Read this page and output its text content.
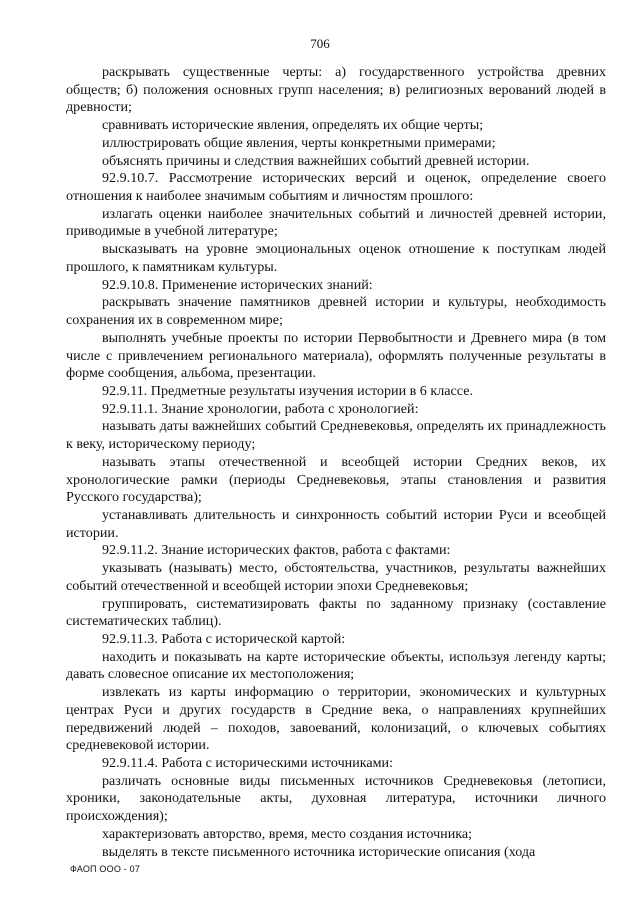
706

раскрывать существенные черты: а) государственного устройства древних обществ; б) положения основных групп населения; в) религиозных верований людей в древности;

сравнивать исторические явления, определять их общие черты;

иллюстрировать общие явления, черты конкретными примерами;

объяснять причины и следствия важнейших событий древней истории.

92.9.10.7. Рассмотрение исторических версий и оценок, определение своего отношения к наиболее значимым событиям и личностям прошлого:

излагать оценки наиболее значительных событий и личностей древней истории, приводимые в учебной литературе;

высказывать на уровне эмоциональных оценок отношение к поступкам людей прошлого, к памятникам культуры.

92.9.10.8. Применение исторических знаний:

раскрывать значение памятников древней истории и культуры, необходимость сохранения их в современном мире;

выполнять учебные проекты по истории Первобытности и Древнего мира (в том числе с привлечением регионального материала), оформлять полученные результаты в форме сообщения, альбома, презентации.

92.9.11. Предметные результаты изучения истории в 6 классе.

92.9.11.1. Знание хронологии, работа с хронологией:

называть даты важнейших событий Средневековья, определять их принадлежность к веку, историческому периоду;

называть этапы отечественной и всеобщей истории Средних веков, их хронологические рамки (периоды Средневековья, этапы становления и развития Русского государства);

устанавливать длительность и синхронность событий истории Руси и всеобщей истории.

92.9.11.2. Знание исторических фактов, работа с фактами:

указывать (называть) место, обстоятельства, участников, результаты важнейших событий отечественной и всеобщей истории эпохи Средневековья;

группировать, систематизировать факты по заданному признаку (составление систематических таблиц).

92.9.11.3. Работа с исторической картой:

находить и показывать на карте исторические объекты, используя легенду карты; давать словесное описание их местоположения;

извлекать из карты информацию о территории, экономических и культурных центрах Руси и других государств в Средние века, о направлениях крупнейших передвижений людей – походов, завоеваний, колонизаций, о ключевых событиях средневековой истории.

92.9.11.4. Работа с историческими источниками:

различать основные виды письменных источников Средневековья (летописи, хроники, законодательные акты, духовная литература, источники личного происхождения);

характеризовать авторство, время, место создания источника;

выделять в тексте письменного источника исторические описания (хода

ФАОП ООО - 07
